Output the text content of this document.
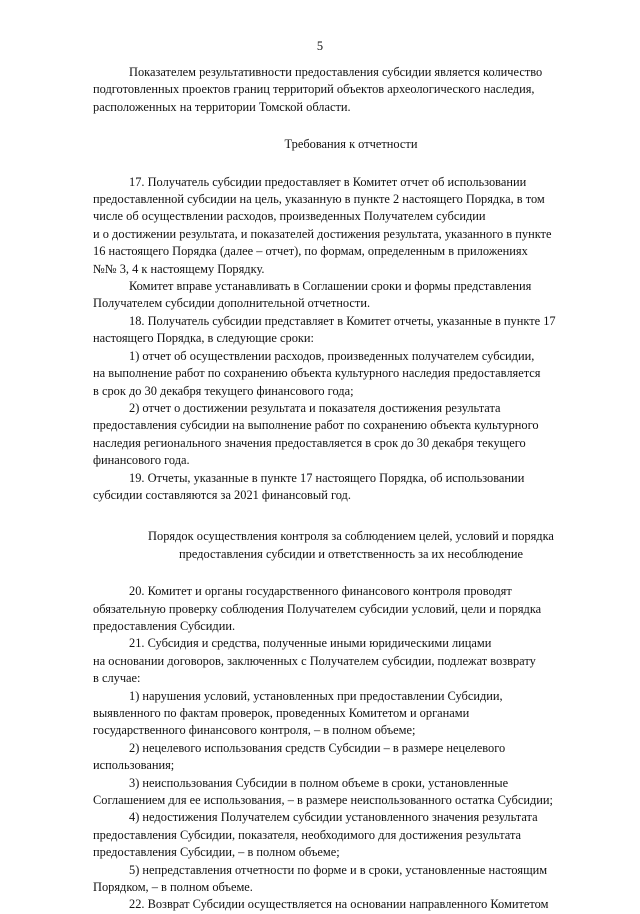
5

Показателем результативности предоставления субсидии является количество
подготовленных проектов границ территорий объектов археологического наследия,
расположенных на территории Томской области.

Требования к отчетности

17. Получатель субсидии предоставляет в Комитет отчет об использовании
предоставленной субсидии на цель, указанную в пункте 2 настоящего Порядка, в том
числе об осуществлении расходов, произведенных Получателем субсидии
и о достижении результата, и показателей достижения результата, указанного в пункте
16 настоящего Порядка (далее – отчет), по формам, определенным в приложениях
№№ 3, 4 к настоящему Порядку.

Комитет вправе устанавливать в Соглашении сроки и формы представления
Получателем субсидии дополнительной отчетности.

18. Получатель субсидии представляет в Комитет отчеты, указанные в пункте 17
настоящего Порядка, в следующие сроки:

1) отчет об осуществлении расходов, произведенных получателем субсидии,
на выполнение работ по сохранению объекта культурного наследия предоставляется
в срок до 30 декабря текущего финансового года;

2) отчет о достижении результата и показателя достижения результата
предоставления субсидии на выполнение работ по сохранению объекта культурного
наследия регионального значения предоставляется в срок до 30 декабря текущего
финансового года.

19. Отчеты, указанные в пункте 17 настоящего Порядка, об использовании
субсидии составляются за 2021 финансовый год.

Порядок осуществления контроля за соблюдением целей, условий и порядка
предоставления субсидии и ответственность за их несоблюдение

20. Комитет и органы государственного финансового контроля проводят
обязательную проверку соблюдения Получателем субсидии условий, цели и порядка
предоставления Субсидии.

21. Субсидия и средства, полученные иными юридическими лицами
на основании договоров, заключенных с Получателем субсидии, подлежат возврату
в случае:

1) нарушения условий, установленных при предоставлении Субсидии,
выявленного по фактам проверок, проведенных Комитетом и органами
государственного финансового контроля, – в полном объеме;

2) нецелевого использования средств Субсидии – в размере нецелевого
использования;

3) неиспользования Субсидии в полном объеме в сроки, установленные
Соглашением для ее использования, – в размере неиспользованного остатка Субсидии;

4) недостижения Получателем субсидии установленного значения результата
предоставления Субсидии, показателя, необходимого для достижения результата
предоставления Субсидии, – в полном объеме;

5) непредставления отчетности по форме и в сроки, установленные настоящим
Порядком, – в полном объеме.

22. Возврат Субсидии осуществляется на основании направленного Комитетом
